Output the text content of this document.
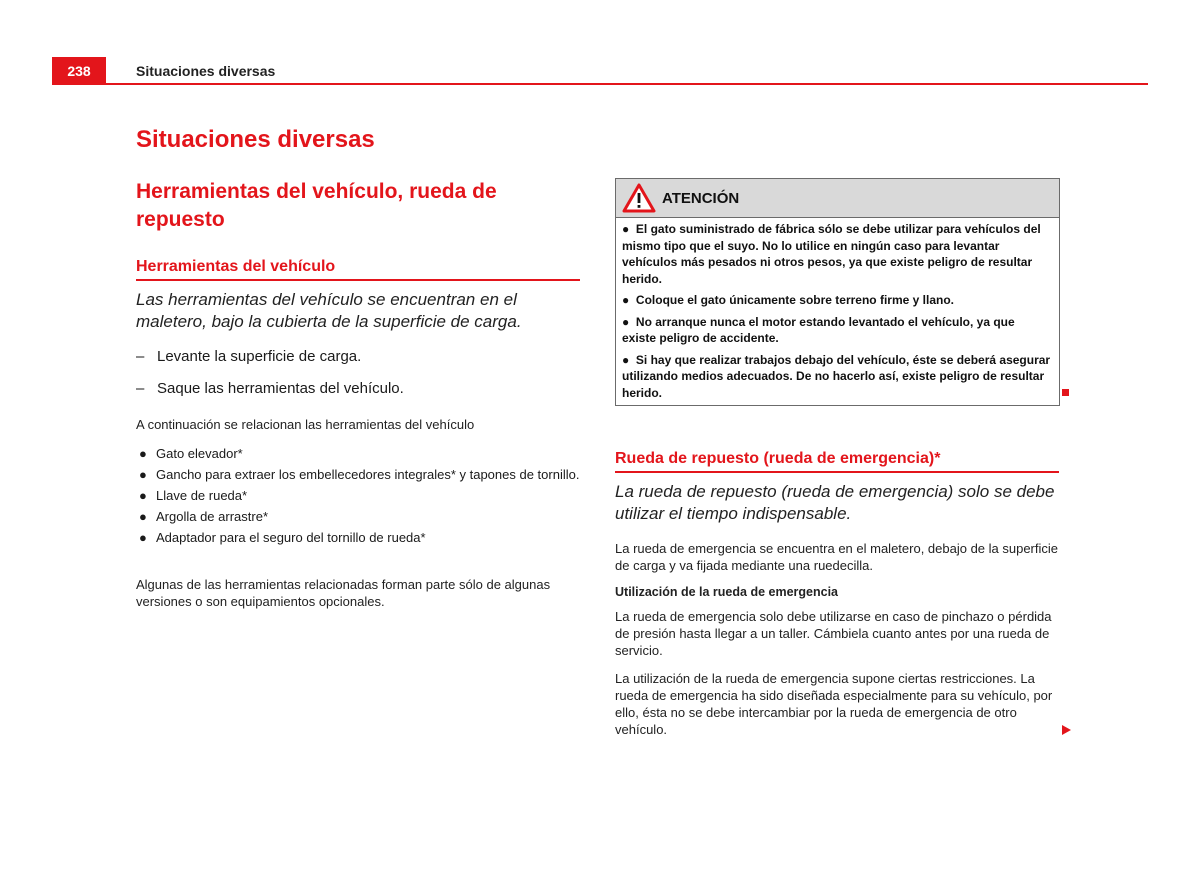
238	Situaciones diversas
Situaciones diversas
Herramientas del vehículo, rueda de
repuesto
Herramientas del vehículo
Las herramientas del vehículo se encuentran en el maletero, bajo la cubierta de la superficie de carga.
– Levante la superficie de carga.
– Saque las herramientas del vehículo.
A continuación se relacionan las herramientas del vehículo
● Gato elevador*
● Gancho para extraer los embellecedores integrales* y tapones de tornillo.
● Llave de rueda*
● Argolla de arrastre*
● Adaptador para el seguro del tornillo de rueda*
Algunas de las herramientas relacionadas forman parte sólo de algunas versiones o son equipamientos opcionales.
ATENCIÓN

●  El gato suministrado de fábrica sólo se debe utilizar para vehículos del mismo tipo que el suyo. No lo utilice en ningún caso para levantar vehículos más pesados ni otros pesos, ya que existe peligro de resultar herido.

●  Coloque el gato únicamente sobre terreno firme y llano.

●  No arranque nunca el motor estando levantado el vehículo, ya que existe peligro de accidente.

●  Si hay que realizar trabajos debajo del vehículo, éste se deberá asegurar utilizando medios adecuados. De no hacerlo así, existe peligro de resultar herido.

Rueda de repuesto (rueda de emergencia)*
La rueda de repuesto (rueda de emergencia) solo se debe utilizar el tiempo indispensable.
La rueda de emergencia se encuentra en el maletero, debajo de la superficie de carga y va fijada mediante una ruedecilla.
Utilización de la rueda de emergencia
La rueda de emergencia solo debe utilizarse en caso de pinchazo o pérdida de presión hasta llegar a un taller. Cámbiela cuanto antes por una rueda de servicio.
La utilización de la rueda de emergencia supone ciertas restricciones. La rueda de emergencia ha sido diseñada especialmente para su vehículo, por ello, ésta no se debe intercambiar por la rueda de emergencia de otro vehículo.
